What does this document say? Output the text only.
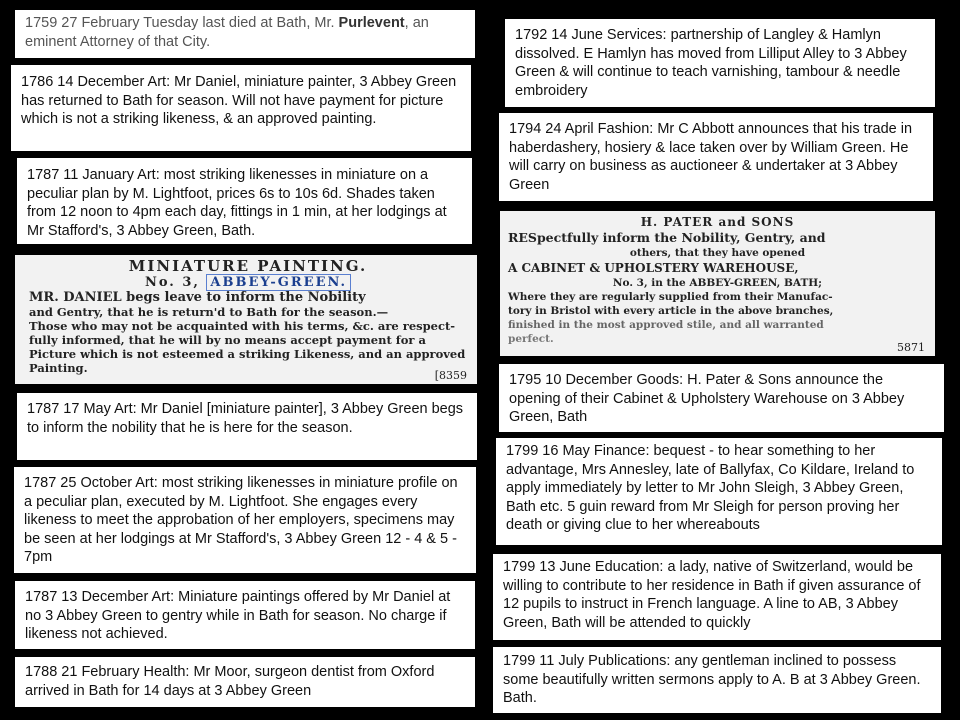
1759 27 February Tuesday last died at Bath, Mr. Purlevent, an eminent Attorney of that City.
1786 14 December Art: Mr Daniel, miniature painter, 3 Abbey Green has returned to Bath for season. Will not have payment for picture which is not a striking likeness, & an approved painting.
1787 11 January Art: most striking likenesses in miniature on a peculiar plan by M. Lightfoot, prices 6s to 10s 6d. Shades taken from 12 noon to 4pm each day, fittings in 1 min, at her lodgings at Mr Stafford's, 3 Abbey Green, Bath.
MINIATURE PAINTING.
No. 3, ABBEY-GREEN.
MR. DANIEL begs leave to inform the Nobility
and Gentry, that he is return'd to Bath for the season.—
Those who may not be acquainted with his terms, &c. are respect-
fully informed, that he will by no means accept payment for a
Picture which is not esteemed a striking Likeness, and an approved
Painting.
[8359
1787 17 May Art: Mr Daniel [miniature painter], 3 Abbey Green begs to inform the nobility that he is here for the season.
1787 25 October Art: most striking likenesses in miniature profile on a peculiar plan, executed by M. Lightfoot. She engages every likeness to meet the approbation of her employers, specimens may be seen at her lodgings at Mr Stafford's, 3 Abbey Green 12 - 4 & 5 - 7pm
1787 13 December Art: Miniature paintings offered by Mr Daniel at no 3 Abbey Green to gentry while in Bath for season. No charge if likeness not achieved.
1788 21 February Health: Mr Moor, surgeon dentist from Oxford arrived in Bath for 14 days at 3 Abbey Green
1792 14 June Services: partnership of Langley & Hamlyn dissolved. E Hamlyn has moved from Lilliput Alley to 3 Abbey Green & will continue to teach varnishing, tambour & needle embroidery
1794 24 April Fashion: Mr C Abbott announces that his trade in haberdashery, hosiery & lace taken over by William Green. He will carry on business as auctioneer & undertaker at 3 Abbey Green
H. PATER and SONS
RESpectfully inform the Nobility, Gentry, and
others, that they have opened
A CABINET & UPHOLSTERY WAREHOUSE,
No. 3, in the ABBEY-GREEN, BATH;
Where they are regularly supplied from their Manufac-
tory in Bristol with every article in the above branches,
finished in the most approved stile, and all warranted
perfect.
5871
1795 10 December Goods: H. Pater & Sons announce the opening of their Cabinet & Upholstery Warehouse on 3 Abbey Green, Bath
1799 16 May Finance: bequest - to hear something to her advantage, Mrs Annesley, late of Ballyfax, Co Kildare, Ireland to apply immediately by letter to Mr John Sleigh, 3 Abbey Green, Bath etc. 5 guin reward from Mr Sleigh for person proving her death or giving clue to her whereabouts
1799 13 June Education: a lady, native of Switzerland, would be willing to contribute to her residence in Bath if given assurance of 12 pupils to instruct in French language. A line to AB, 3 Abbey Green, Bath will be attended to quickly
1799 11 July Publications: any gentleman inclined to possess some beautifully written sermons apply to A. B at 3 Abbey Green. Bath.
